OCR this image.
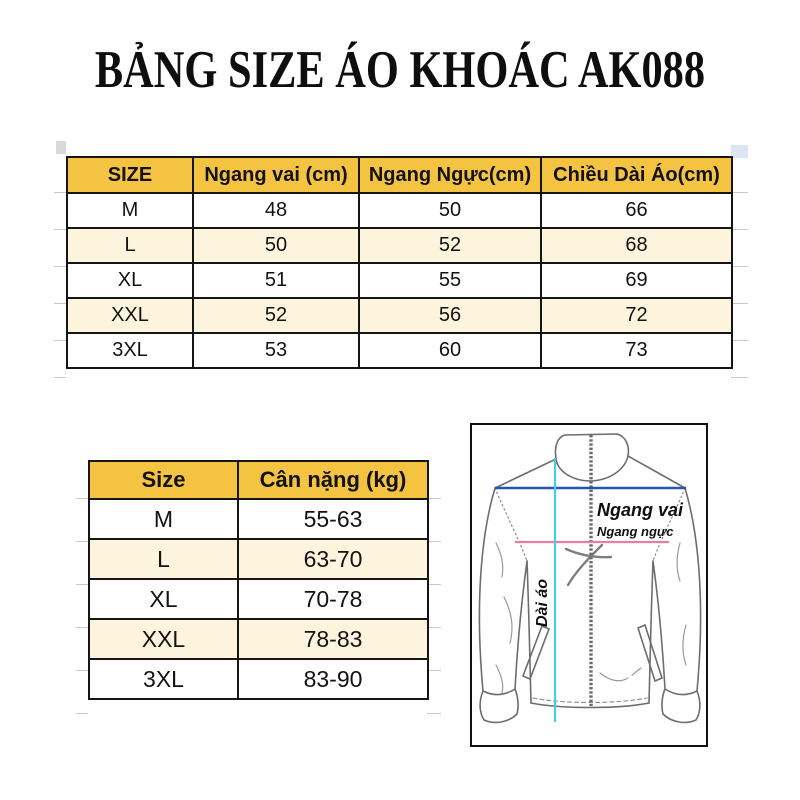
BẢNG SIZE ÁO KHOÁC AK088
SIZE	Ngang vai (cm)	Ngang Ngực(cm)	Chiều Dài Áo(cm)
M	48	50	66
L	50	52	68
XL	51	55	69
XXL	52	56	72
3XL	53	60	73
Size	Cân nặng (kg)
M	55-63
L	63-70
XL	70-78
XXL	78-83
3XL	83-90
Ngang vai
Ngang ngực
Dài áo
